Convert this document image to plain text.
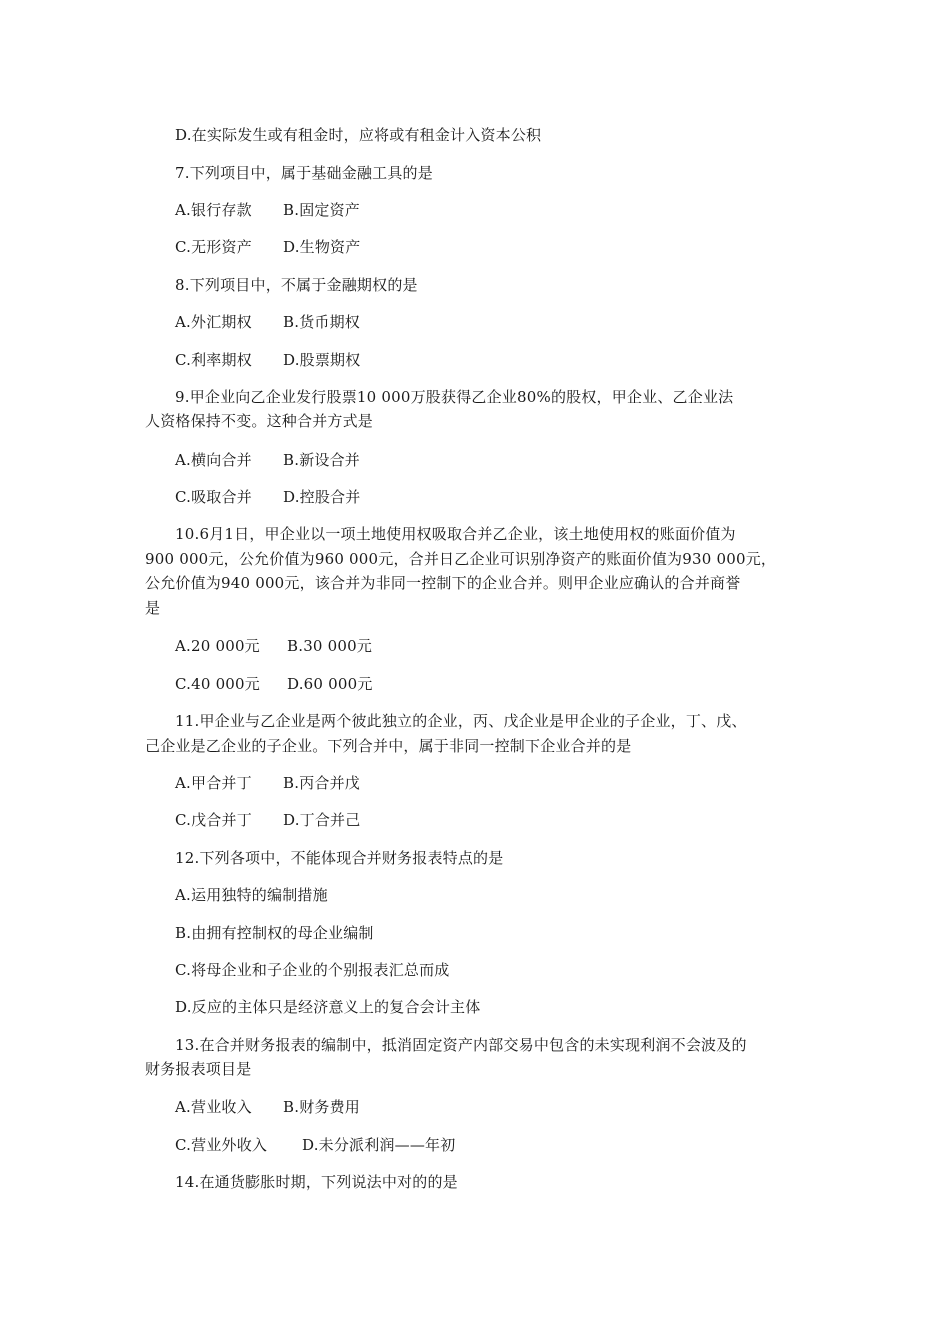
D.在实际发生或有租金时，应将或有租金计入资本公积
7.下列项目中，属于基础金融工具的是
A.银行存款 B.固定资产
C.无形资产 D.生物资产
8.下列项目中，不属于金融期权的是
A.外汇期权 B.货币期权
C.利率期权 D.股票期权
9.甲企业向乙企业发行股票10 000万股获得乙企业80%的股权，甲企业、乙企业法
人资格保持不变。这种合并方式是
A.横向合并 B.新设合并
C.吸取合并 D.控股合并
10.6月1日，甲企业以一项土地使用权吸取合并乙企业，该土地使用权的账面价值为
900 000元，公允价值为960 000元，合并日乙企业可识别净资产的账面价值为930 000元，
公允价值为940 000元，该合并为非同一控制下的企业合并。则甲企业应确认的合并商誉
是
A.20 000元 B.30 000元
C.40 000元 D.60 000元
11.甲企业与乙企业是两个彼此独立的企业，丙、戊企业是甲企业的子企业，丁、戊、
己企业是乙企业的子企业。下列合并中，属于非同一控制下企业合并的是
A.甲合并丁 B.丙合并戊
C.戊合并丁 D.丁合并己
12.下列各项中，不能体现合并财务报表特点的是
A.运用独特的编制措施
B.由拥有控制权的母企业编制
C.将母企业和子企业的个别报表汇总而成
D.反应的主体只是经济意义上的复合会计主体
13.在合并财务报表的编制中，抵消固定资产内部交易中包含的未实现利润不会波及的
财务报表项目是
A.营业收入 B.财务费用
C.营业外收入 D.未分派利润——年初
14.在通货膨胀时期，下列说法中对的的是
